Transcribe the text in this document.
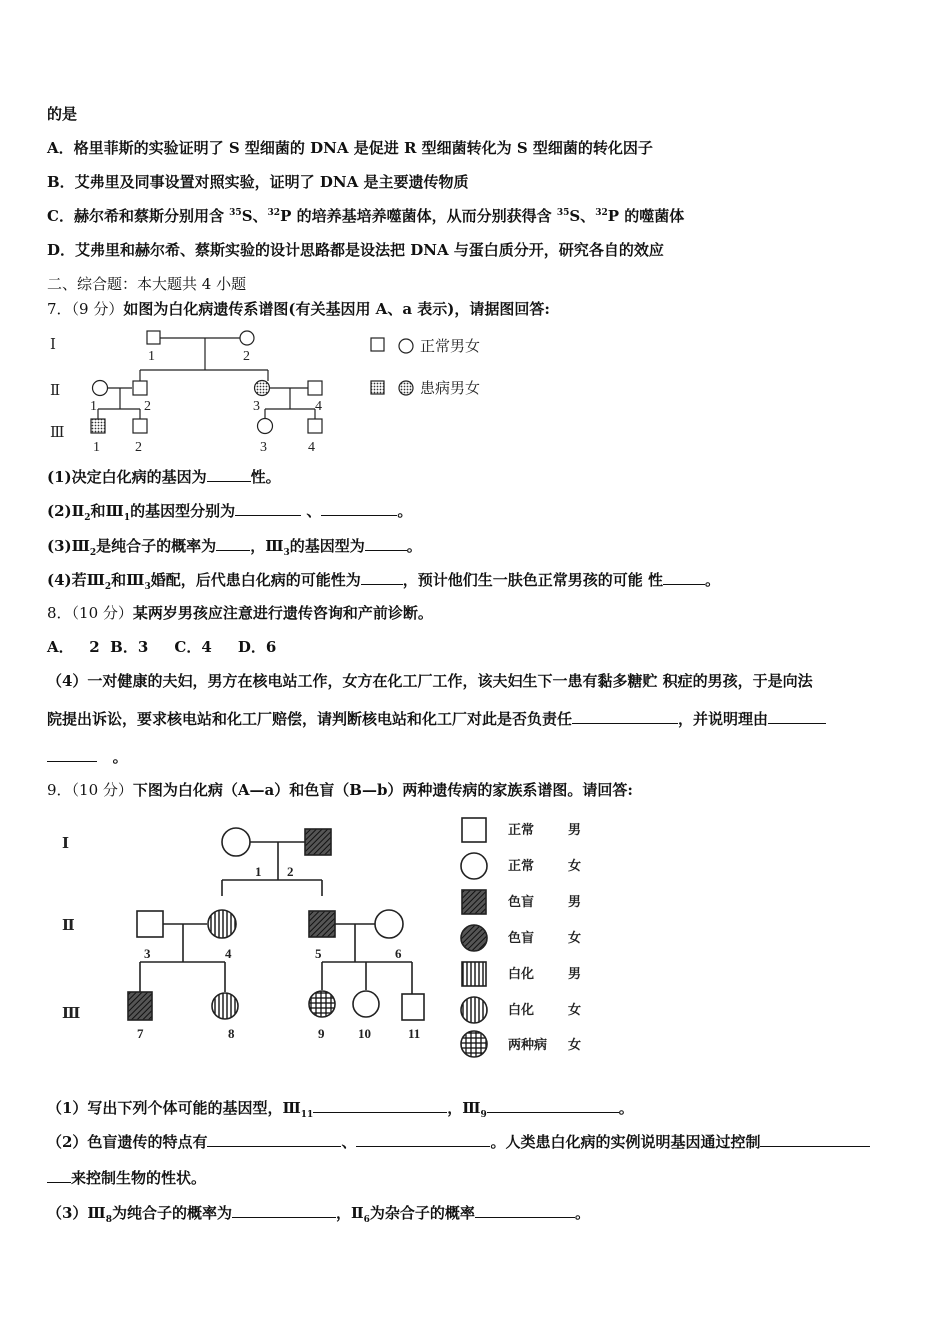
的是
A．格里菲斯的实验证明了 S 型细菌的 DNA 是促进 R 型细菌转化为 S 型细菌的转化因子
B．艾弗里及同事设置对照实验，证明了 DNA 是主要遗传物质
C．赫尔希和蔡斯分别用含 $^{35}$S、$^{32}$P 的培养基培养噬菌体，从而分别获得含 $^{35}$S、$^{32}$P 的噬菌体
D．艾弗里和赫尔希、蔡斯实验的设计思路都是设法把 DNA 与蛋白质分开，研究各自的效应
二、综合题：本大题共 4 小题
7．（9 分）如图为白化病遗传系谱图(有关基因用 A、a 表示)，请据图回答:
Ⅰ
Ⅱ
Ⅲ
1	2
1	2	3	4
1	2	3	4
正常男女
患病男女
(1)决定白化病的基因为	性。
$(2)Ⅱ_2$和$Ⅲ_1$的基因型分别为	、	。
$(3)Ⅲ_2$是纯合子的概率为 ，$Ⅲ_3$的基因型为	。
(4)若$Ⅲ_2$和$Ⅲ_3$婚配，后代患白化病的可能性为	，预计他们生一肤色正常男孩的可能 性	。
8．（10 分）某两岁男孩应注意进行遗传咨询和产前诊断。
A．   2  B．3     C．4     D．6
（4）一对健康的夫妇，男方在核电站工作，女方在化工厂工作，该夫妇生下一患有黏多糖贮 积症的男孩，于是向法
院提出诉讼，要求核电站和化工厂赔偿，请判断核电站和化工厂对此是否负责任	，并说明理由
。
9．（10 分）下图为白化病（A—a）和色盲（B—b）两种遗传病的家族系谱图。请回答:
Ⅰ
Ⅱ
Ⅲ
1 2
3	4	5	6
7	8	9	10	11
正常	男
正常	女
色盲	男
色盲	女
白化	男
白化	女
两种病 女
（1）写出下列个体可能的基因型，$Ⅲ_{11}$	，$Ⅲ_9$	。
（2）色盲遗传的特点有	、	。人类患白化病的实例说明基因通过控制
来控制生物的性状。
$(3)Ⅲ_8$为纯合子的概率为	，$Ⅱ_6$为杂合子的概率	。
